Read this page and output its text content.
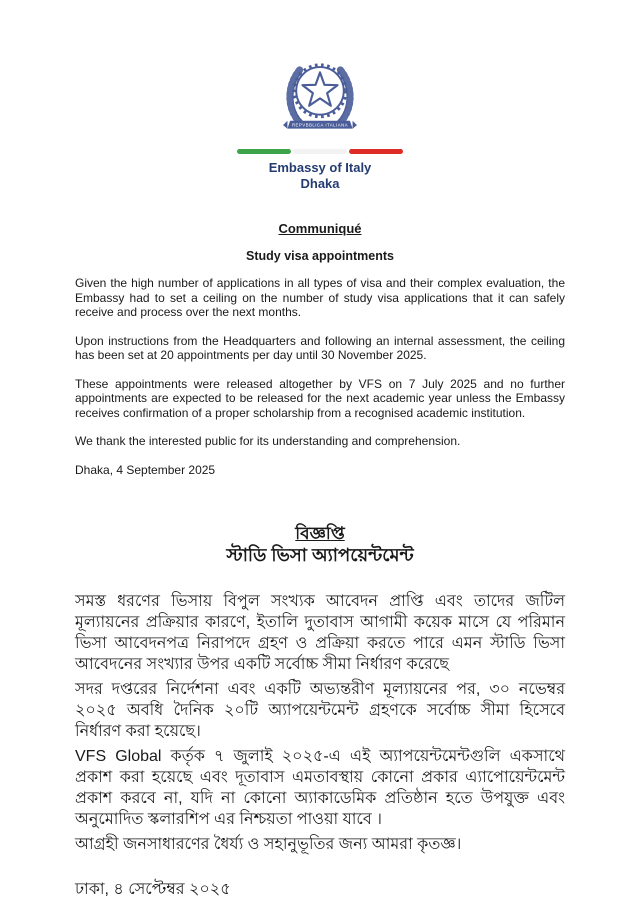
REPVBBLICA ITALIANA
Embassy of Italy
Dhaka
Communiqué
Study visa appointments

Given the high number of applications in all types of visa and their complex evaluation, the Embassy had to set a ceiling on the number of study visa applications that it can safely receive and process over the next months.

Upon instructions from the Headquarters and following an internal assessment, the ceiling has been set at 20 appointments per day until 30 November 2025.

These appointments were released altogether by VFS on 7 July 2025 and no further appointments are expected to be released for the next academic year unless the Embassy receives confirmation of a proper scholarship from a recognised academic institution.

We thank the interested public for its understanding and comprehension.

Dhaka, 4 September 2025

বিজ্ঞপ্তি
স্টাডি ভিসা অ্যাপয়েন্টমেন্ট

সমস্ত ধরণের ভিসায় বিপুল সংখ্যক আবেদন প্রাপ্তি এবং তাদের জটিল মূল্যায়নের প্রক্রিয়ার কারণে, ইতালি দুতাবাস আগামী কয়েক মাসে যে পরিমান ভিসা আবেদনপত্র নিরাপদে গ্রহণ ও প্রক্রিয়া করতে পারে এমন স্টাডি ভিসা আবেদনের সংখ্যার উপর একটি সর্বোচ্চ সীমা নির্ধারণ করেছে

সদর দপ্তরের নির্দেশনা এবং একটি অভ্যন্তরীণ মূল্যায়নের পর, ৩০ নভেম্বর ২০২৫ অবধি দৈনিক ২০টি অ্যাপয়েন্টমেন্ট গ্রহণকে সর্বোচ্চ সীমা হিসেবে নির্ধারণ করা হয়েছে।

VFS Global কর্তৃক ৭ জুলাই ২০২৫-এ এই অ্যাপয়েন্টমেন্টগুলি একসাথে প্রকাশ করা হয়েছে এবং দূতাবাস এমতাবস্থায় কোনো প্রকার এ্যাপোয়েন্টমেন্ট প্রকাশ করবে না, যদি না কোনো অ্যাকাডেমিক প্রতিষ্ঠান হতে উপযুক্ত এবং অনুমোদিত স্কলারশিপ এর নিশ্চয়তা পাওয়া যাবে ।

আগ্রহী জনসাধারণের ধৈর্য্য ও সহানুভূতির জন্য আমরা কৃতজ্ঞ।

ঢাকা, ৪ সেপ্টেম্বর ২০২৫
